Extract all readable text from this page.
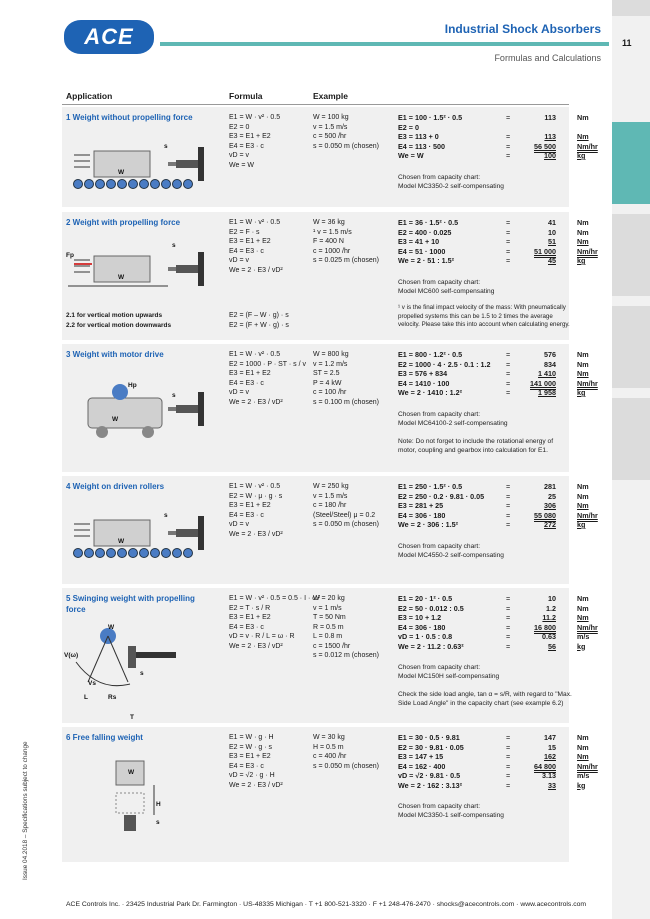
11
ACE	Industrial Shock Absorbers
Formulas and Calculations
Application	Formula	Example
1 Weight without propelling force
s
W
E1 = W · v² · 0.5
E2 = 0
E3 = E1 + E2
E4 = E3 · c
vD = v
We = W
W = 100 kg
v = 1.5 m/s
c = 500 /hr
s = 0.050 m (chosen)
E1 = 100 · 1.5² · 0.5	=	113	Nm
E2 = 0
E3 = 113 + 0	=	113	Nm
E4 = 113 · 500	=	56 500	Nm/hr
We = W	=	100	kg
Chosen from capacity chart:
Model MC3350-2 self-compensating
2 Weight with propelling force
s
Fp
W
E1 = W · v² · 0.5
E2 = F · s
E3 = E1 + E2
E4 = E3 · c
vD = v
We = 2 · E3 / vD²
W = 36 kg
¹ v = 1.5 m/s
F = 400 N
c = 1000 /hr
s = 0.025 m (chosen)
E1 = 36 · 1.5² · 0.5	=	41	Nm
E2 = 400 · 0.025	=	10	Nm
E3 = 41 + 10	=	51	Nm
E4 = 51 · 1000	=	51 000	Nm/hr
We = 2 · 51 : 1.5²	=	45	kg
Chosen from capacity chart:
Model MC600 self-compensating
¹ v is the final impact velocity of the mass: With pneumatically
propelled systems this can be 1.5 to 2 times the average
velocity. Please take this into account when calculating energy.
2.1 for vertical motion upwards	E2 = (F – W · g) · s
2.2 for vertical motion downwards	E2 = (F + W · g) · s
3 Weight with motor drive
Hp
s
W
E1 = W · v² · 0.5
E2 = 1000 · P · ST · s / v
E3 = E1 + E2
E4 = E3 · c
vD = v
We = 2 · E3 / vD²
W = 800 kg
v = 1.2 m/s
ST = 2.5
P = 4 kW
c = 100 /hr
s = 0.100 m (chosen)
E1 = 800 · 1.2² · 0.5	=	576	Nm
E2 = 1000 · 4 · 2.5 · 0.1 : 1.2 =	834	Nm
E3 = 576 + 834	=	1 410	Nm
E4 = 1410 · 100	=	141 000	Nm/hr
We = 2 · 1410 : 1.2²	=	1 958	kg
Chosen from capacity chart:
Model MC64100-2 self-compensating
Note: Do not forget to include the rotational energy of
motor, coupling and gearbox into calculation for E1.
4 Weight on driven rollers
s
W
E1 = W · v² · 0.5
E2 = W · μ · g · s
E3 = E1 + E2
E4 = E3 · c
vD = v
We = 2 · E3 / vD²
W = 250 kg
v = 1.5 m/s
c = 180 /hr
(Steel/Steel) μ = 0.2
s = 0.050 m (chosen)
E1 = 250 · 1.5² · 0.5	=	281	Nm
E2 = 250 · 0.2 · 9.81 · 0.05	=	25	Nm
E3 = 281 + 25	=	306	Nm
E4 = 306 · 180	=	55 080	Nm/hr
We = 2 · 306 : 1.5²	=	272	kg
Chosen from capacity chart:
Model MC4550-2 self-compensating
5 Swinging weight with propelling force
W
V(ω)
s
Vs
Rs
L
T
E1 = W · v² · 0.5 = 0.5 · I · ω²
E2 = T · s / R
E3 = E1 + E2
E4 = E3 · c
vD = v · R / L = ω · R
We = 2 · E3 / vD²
W = 20 kg
v = 1 m/s
T = 50 Nm
R = 0.5 m
L = 0.8 m
c = 1500 /hr
s = 0.012 m (chosen)
E1 = 20 · 1² · 0.5	=	10	Nm
E2 = 50 · 0.012 : 0.5	=	1.2	Nm
E3 = 10 + 1.2	=	11.2	Nm
E4 = 306 · 180	=	16 800	Nm/hr
vD = 1 · 0.5 : 0.8	=	0.63	m/s
We = 2 · 11.2 : 0.63²	=	56	kg
Chosen from capacity chart:
Model MC150H self-compensating
Check the side load angle, tan α = s/R, with regard to "Max.
Side Load Angle" in the capacity chart (see example 6.2)
6 Free falling weight
W
H
s
E1 = W · g · H
E2 = W · g · s
E3 = E1 + E2
E4 = E3 · c
vD = √2 · g · H
We = 2 · E3 / vD²
W = 30 kg
H = 0.5 m
c = 400 /hr
s = 0.050 m (chosen)
E1 = 30 · 0.5 · 9.81	=	147	Nm
E2 = 30 · 9.81 · 0.05	=	15	Nm
E3 = 147 + 15	=	162	Nm
E4 = 162 · 400	=	64 800	Nm/hr
vD = √2 · 9.81 · 0.5	=	3.13	m/s
We = 2 · 162 : 3.13²	=	33	kg
Chosen from capacity chart:
Model MC3350-1 self-compensating
ACE Controls Inc. · 23425 Industrial Park Dr. Farmington · US-48335 Michigan · T +1 800-521-3320 · F +1 248-476-2470 · shocks@acecontrols.com · www.acecontrols.com
Issue 04.2018 – Specifications subject to change
